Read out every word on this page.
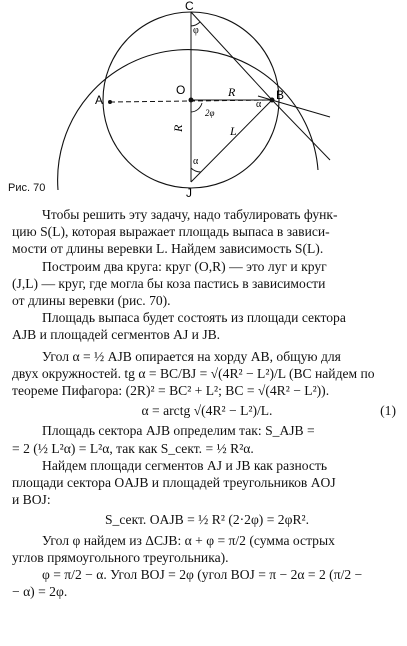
C
O
A	B
J
R
R	L
φ
2φ
α
α
Рис. 70
Чтобы решить эту задачу, надо табулировать функ-
цию S(L), которая выражает площадь выпаса в зависи-
мости от длины веревки L. Найдем зависимость S(L).
Построим два круга: круг (O,R) — это луг и круг
(J,L) — круг, где могла бы коза пастись в зависимости
от длины веревки (рис. 70).
Площадь выпаса будет состоять из площади сектора
AJB и площадей сегментов AJ и JB.
Угол α = ½ AJB опирается на хорду AB, общую для
двух окружностей. tg α = BC/BJ = √(4R² − L²)/L (BC найдем по
теореме Пифагора: (2R)² = BC² + L²; BC = √(4R² − L²)).
α = arctg √(4R² − L²)/L.	(1)
Площадь сектора AJB определим так: S_AJB =
= 2 (½ L²α) = L²α, так как S_сект. = ½ R²α.
Найдем площади сегментов AJ и JB как разность
площади сектора OAJB и площадей треугольников AOJ
и BOJ:
S_сект. OAJB = ½ R² (2·2φ) = 2φR².
Угол φ найдем из ΔCJB: α + φ = π/2 (сумма острых
углов прямоугольного треугольника).
φ = π/2 − α. Угол BOJ = 2φ (угол BOJ = π − 2α = 2 (π/2 −
− α) = 2φ.
